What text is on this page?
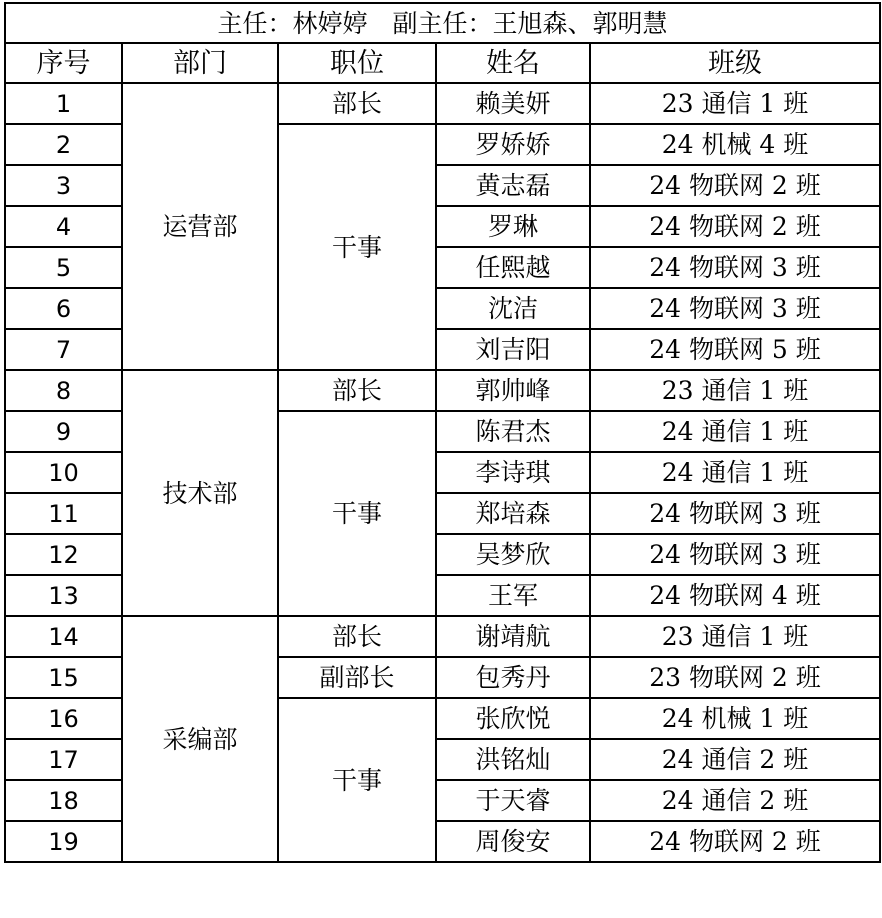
主任：林婷婷　副主任：王旭森、郭明慧				
序号	部门	职位	姓名	班级
1	运营部	部长	赖美妍	23 通信 1 班
2		干事	罗娇娇	24 机械 4 班
3			黄志磊	24 物联网 2 班
4			罗琳	24 物联网 2 班
5			任熙越	24 物联网 3 班
6			沈洁	24 物联网 3 班
7			刘吉阳	24 物联网 5 班
8	技术部	部长	郭帅峰	23 通信 1 班
9		干事	陈君杰	24 通信 1 班
10			李诗琪	24 通信 1 班
11			郑培森	24 物联网 3 班
12			吴梦欣	24 物联网 3 班
13			王军	24 物联网 4 班
14	采编部	部长	谢靖航	23 通信 1 班
15		副部长	包秀丹	23 物联网 2 班
16		干事	张欣悦	24 机械 1 班
17			洪铭灿	24 通信 2 班
18			于天睿	24 通信 2 班
19			周俊安	24 物联网 2 班
